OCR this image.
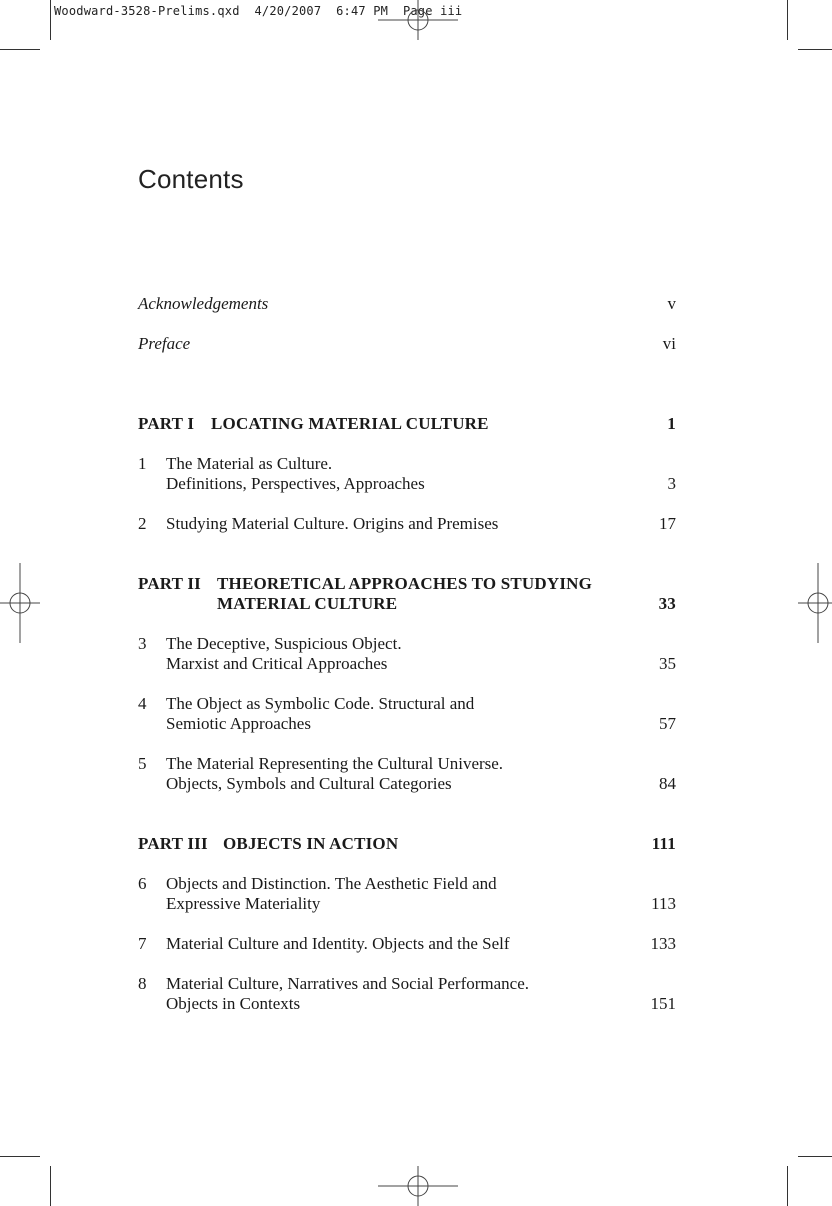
Woodward-3528-Prelims.qxd  4/20/2007  6:47 PM  Page iii
Contents
Acknowledgements	v
Preface	vi
PART I LOCATING MATERIAL CULTURE	1
1 The Material as Culture.
Definitions, Perspectives, Approaches	3
2 Studying Material Culture. Origins and Premises	17
PART II THEORETICAL APPROACHES TO STUDYING
MATERIAL CULTURE	33
3 The Deceptive, Suspicious Object.
Marxist and Critical Approaches	35
4 The Object as Symbolic Code. Structural and
Semiotic Approaches	57
5 The Material Representing the Cultural Universe.
Objects, Symbols and Cultural Categories	84
PART III OBJECTS IN ACTION	111
6 Objects and Distinction. The Aesthetic Field and
Expressive Materiality	113
7 Material Culture and Identity. Objects and the Self	133
8 Material Culture, Narratives and Social Performance.
Objects in Contexts	151
